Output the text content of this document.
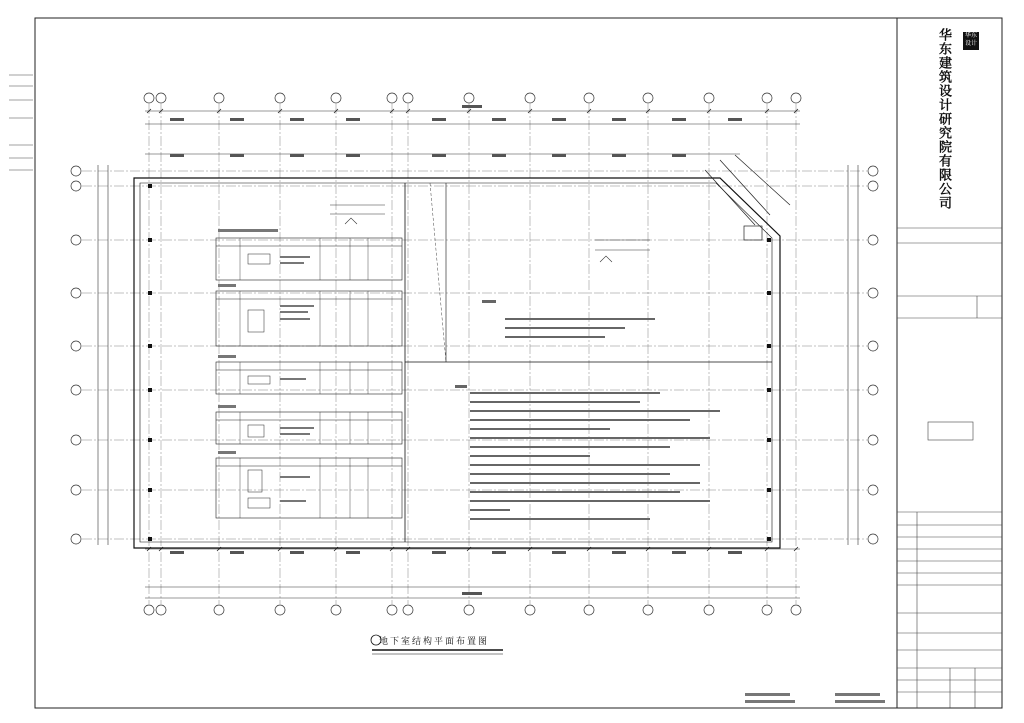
华东 设计
华东建筑设计研究院有限公司
地下室结构平面布置图
